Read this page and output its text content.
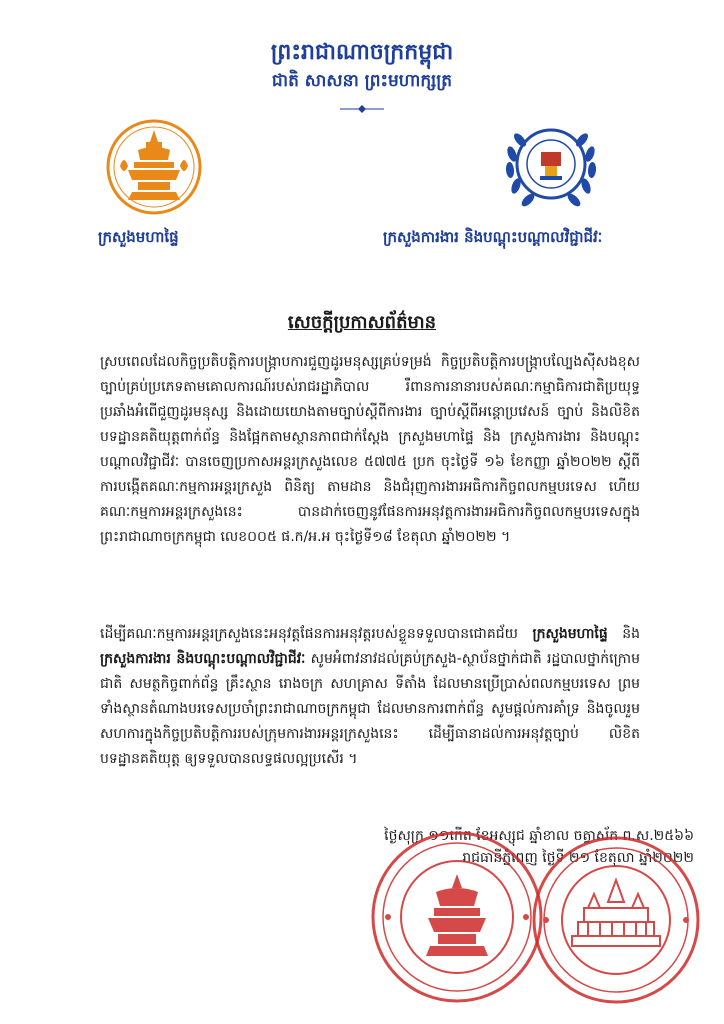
ព្រះរាជាណាចក្រកម្ពុជា
ជាតិ សាសនា ព្រះមហាក្សត្រ
ក្រសួងមហាផ្ទៃ	ក្រសួងការងារ និងបណ្តុះបណ្តាលវិជ្ជាជីវៈ
សេចក្តីប្រកាសព័ត៌មាន
ស្របពេលដែលកិច្ចប្រតិបត្តិការបង្ក្រាបការជួញដូរមនុស្សគ្រប់ទម្រង់ កិច្ចប្រតិបត្តិការបង្ក្រាបល្បែងស៊ីសងខុសច្បាប់គ្រប់ប្រភេទតាមគោលការណ៍របស់រាជរដ្ឋាភិបាល រឺពានការនានារបស់គណៈកម្មាធិការជាតិប្រយុទ្ធប្រឆាំងអំពើជួញដូរមនុស្ស និងដោយយោងតាមច្បាប់ស្តីពីការងារ ច្បាប់ស្តីពីអន្តោប្រវេសន៍ ច្បាប់ និងលិខិតបទដ្ឋានគតិយុត្តពាក់ព័ន្ធ និងផ្អែកតាមស្ថានភាពជាក់ស្តែង ក្រសួងមហាផ្ទៃ និង ក្រសួងការងារ និងបណ្តុះបណ្តាលវិជ្ជាជីវៈ បានចេញប្រកាសអន្តរក្រសួងលេខ ៥៧៧៥ ប្រក ចុះថ្ងៃទី ១៦ ខែកញ្ញា ឆ្នាំ២០២២ ស្តីពីការបង្កើតគណៈកម្មការអន្តរក្រសួង ពិនិត្យ តាមដាន និងជំរុញការងារអធិការកិច្ចពលកម្មបរទេស ហើយគណៈកម្មការអន្តរក្រសួងនេះ បានដាក់ចេញនូវផែនការអនុវត្តការងារអធិការកិច្ចពលកម្មបរទេសក្នុងព្រះរាជាណាចក្រកម្ពុជា លេខ០០៥ ផ.ក/អ.អ ចុះថ្ងៃទី១៨ ខែតុលា ឆ្នាំ២០២២ ។
ដើម្បីគណៈកម្មការអន្តរក្រសួងនេះអនុវត្តផែនការអនុវត្តរបស់ខ្លួនទទួលបានជោគជ័យ ក្រសួងមហាផ្ទៃ និង ក្រសួងការងារ និងបណ្តុះបណ្តាលវិជ្ជាជីវៈ សូមអំពាវនាវដល់គ្រប់ក្រសួង-ស្ថាប័នថ្នាក់ជាតិ រដ្ឋបាលថ្នាក់ក្រោមជាតិ សមត្ថកិច្ចពាក់ព័ន្ធ គ្រឹះស្ថាន រោងចក្រ សហគ្រាស ទីតាំង ដែលមានប្រើប្រាស់ពលកម្មបរទេស ព្រមទាំងស្ថានតំណាងបរទេសប្រចាំព្រះរាជាណាចក្រកម្ពុជា ដែលមានការពាក់ព័ន្ធ សូមផ្តល់ការគាំទ្រ និងចូលរួមសហការក្នុងកិច្ចប្រតិបត្តិការរបស់ក្រុមការងារអន្តរក្រសួងនេះ ដើម្បីធានាដល់ការអនុវត្តច្បាប់ លិខិតបទដ្ឋានគតិយុត្ត ឲ្យទទួលបានលទ្ធផលល្អប្រសើរ ។
ថ្ងៃសុក្រ ១១កើត ខែអស្សុជ ឆ្នាំខាល ចត្វាស័ក ព.ស.២៥៦៦
រាជធានីភ្នំពេញ ថ្ងៃទី ២១ ខែតុលា ឆ្នាំ២០២២
